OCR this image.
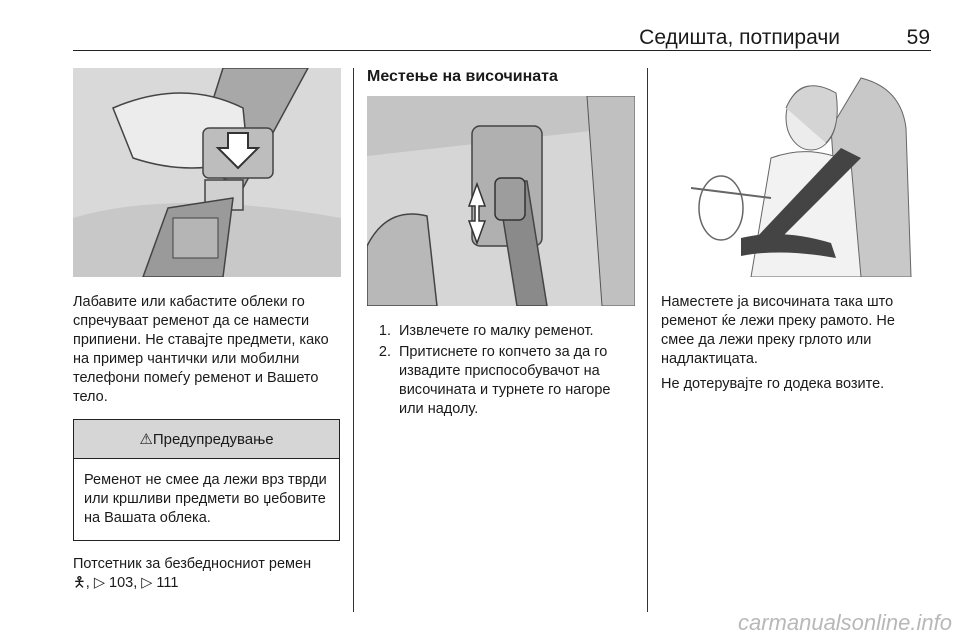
Седишта, потпирачи	59

Лабавите или кабастите облеки го спречуваат ременот да се намести припиени. Не ставајте предмети, како на пример чантички или мобилни телефони помеѓу ременот и Вашето тело.

⚠Предупредување
Ременот не смее да лежи врз тврди или кршливи предмети во џебовите на Вашата облека.

Потсетник за безбедносниот ремен
🯅, ▷ 103, ▷ 111

Местење на височината
1. Извлечете го малку ременот.
2. Притиснете го копчето за да го извадите приспособувачот на височината и турнете го нагоре или надолу.

Наместете ја височината така што ременот ќе лежи преку рамото. Не смее да лежи преку грлото или надлактицата.

Не дотерувајте го додека возите.

carmanualsonline.info
